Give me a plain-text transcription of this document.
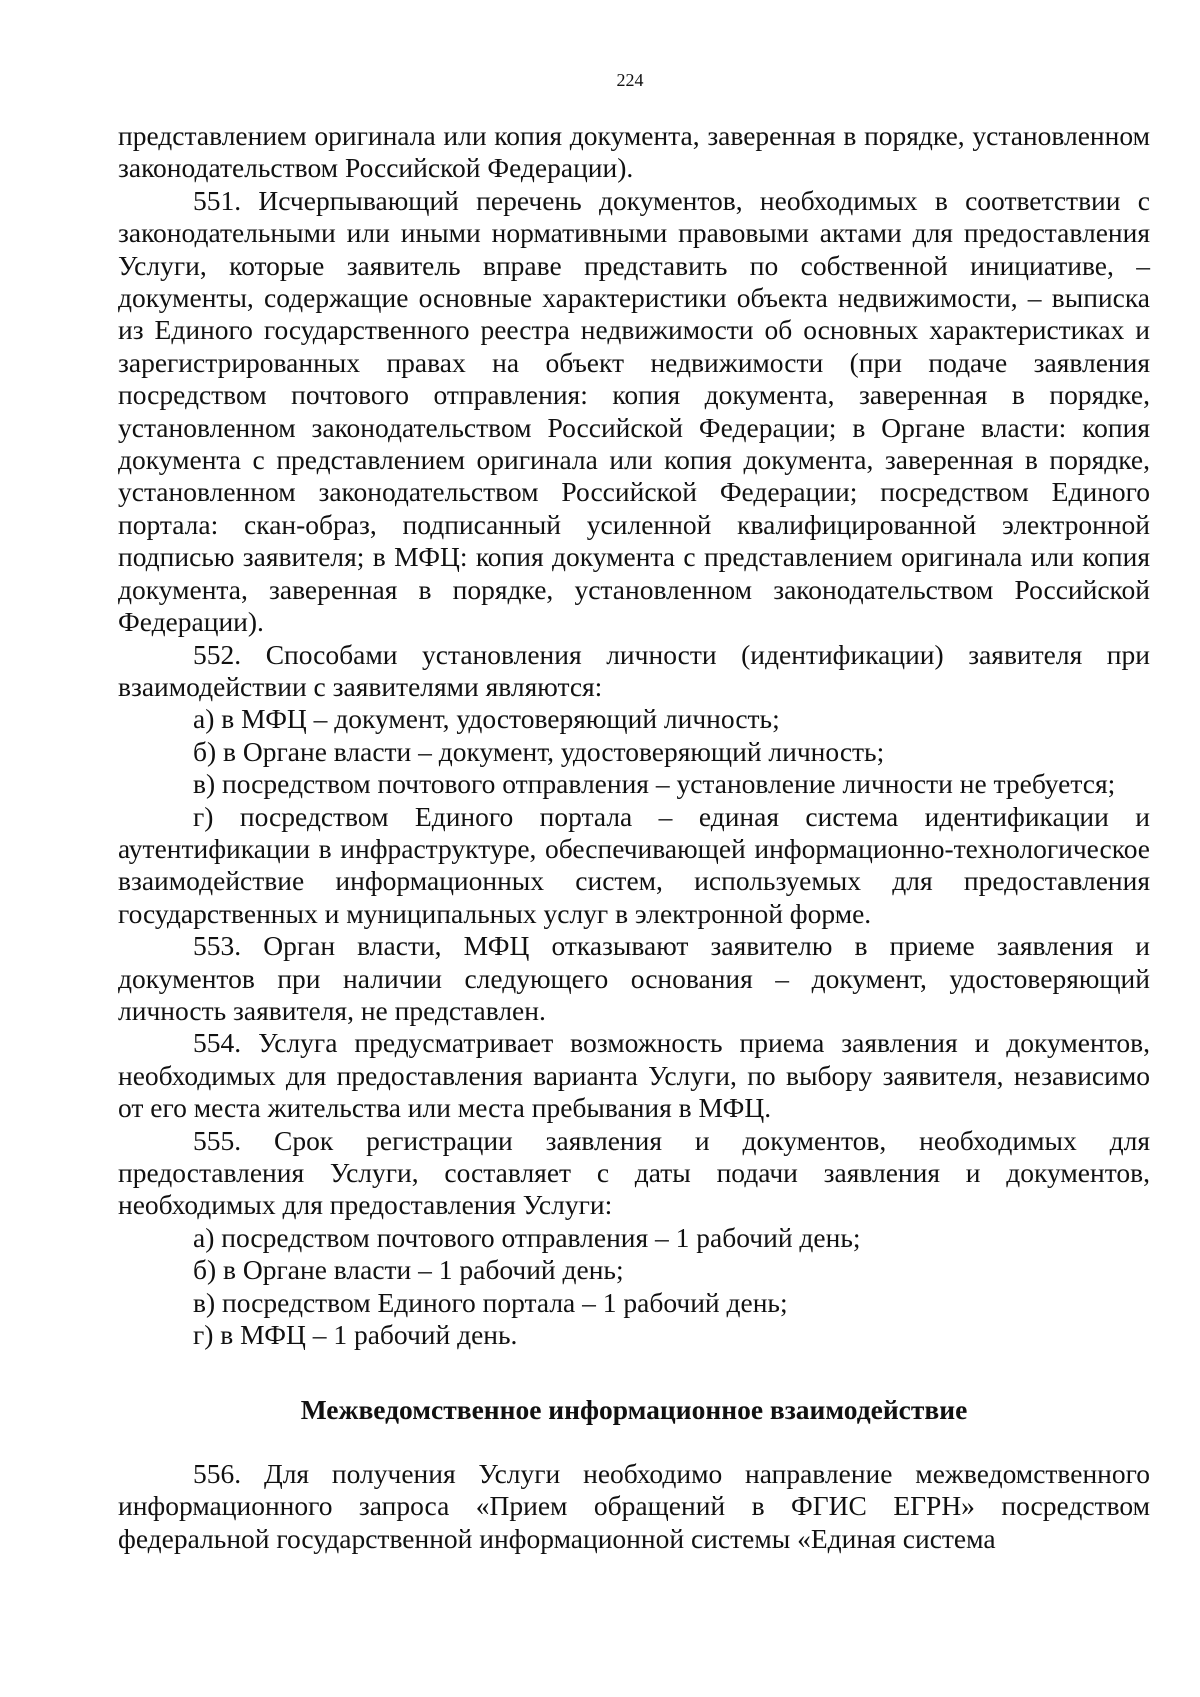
224

представлением оригинала или копия документа, заверенная в порядке, установленном законодательством Российской Федерации).

551. Исчерпывающий перечень документов, необходимых в соответствии с законодательными или иными нормативными правовыми актами для предоставления Услуги, которые заявитель вправе представить по собственной инициативе, – документы, содержащие основные характеристики объекта недвижимости, – выписка из Единого государственного реестра недвижимости об основных характеристиках и зарегистрированных правах на объект недвижимости (при подаче заявления посредством почтового отправления: копия документа, заверенная в порядке, установленном законодательством Российской Федерации; в Органе власти: копия документа с представлением оригинала или копия документа, заверенная в порядке, установленном законодательством Российской Федерации; посредством Единого портала: скан-образ, подписанный усиленной квалифицированной электронной подписью заявителя; в МФЦ: копия документа с представлением оригинала или копия документа, заверенная в порядке, установленном законодательством Российской Федерации).

552. Способами установления личности (идентификации) заявителя при взаимодействии с заявителями являются:

а) в МФЦ – документ, удостоверяющий личность;

б) в Органе власти – документ, удостоверяющий личность;

в) посредством почтового отправления – установление личности не требуется;

г) посредством Единого портала – единая система идентификации и аутентификации в инфраструктуре, обеспечивающей информационно-технологическое взаимодействие информационных систем, используемых для предоставления государственных и муниципальных услуг в электронной форме.

553. Орган власти, МФЦ отказывают заявителю в приеме заявления и документов при наличии следующего основания – документ, удостоверяющий личность заявителя, не представлен.

554. Услуга предусматривает возможность приема заявления и документов, необходимых для предоставления варианта Услуги, по выбору заявителя, независимо от его места жительства или места пребывания в МФЦ.

555. Срок регистрации заявления и документов, необходимых для предоставления Услуги, составляет с даты подачи заявления и документов, необходимых для предоставления Услуги:

а) посредством почтового отправления – 1 рабочий день;

б) в Органе власти – 1 рабочий день;

в) посредством Единого портала – 1 рабочий день;

г) в МФЦ – 1 рабочий день.

Межведомственное информационное взаимодействие

556. Для получения Услуги необходимо направление межведомственного информационного запроса «Прием обращений в ФГИС ЕГРН» посредством федеральной государственной информационной системы «Единая система
